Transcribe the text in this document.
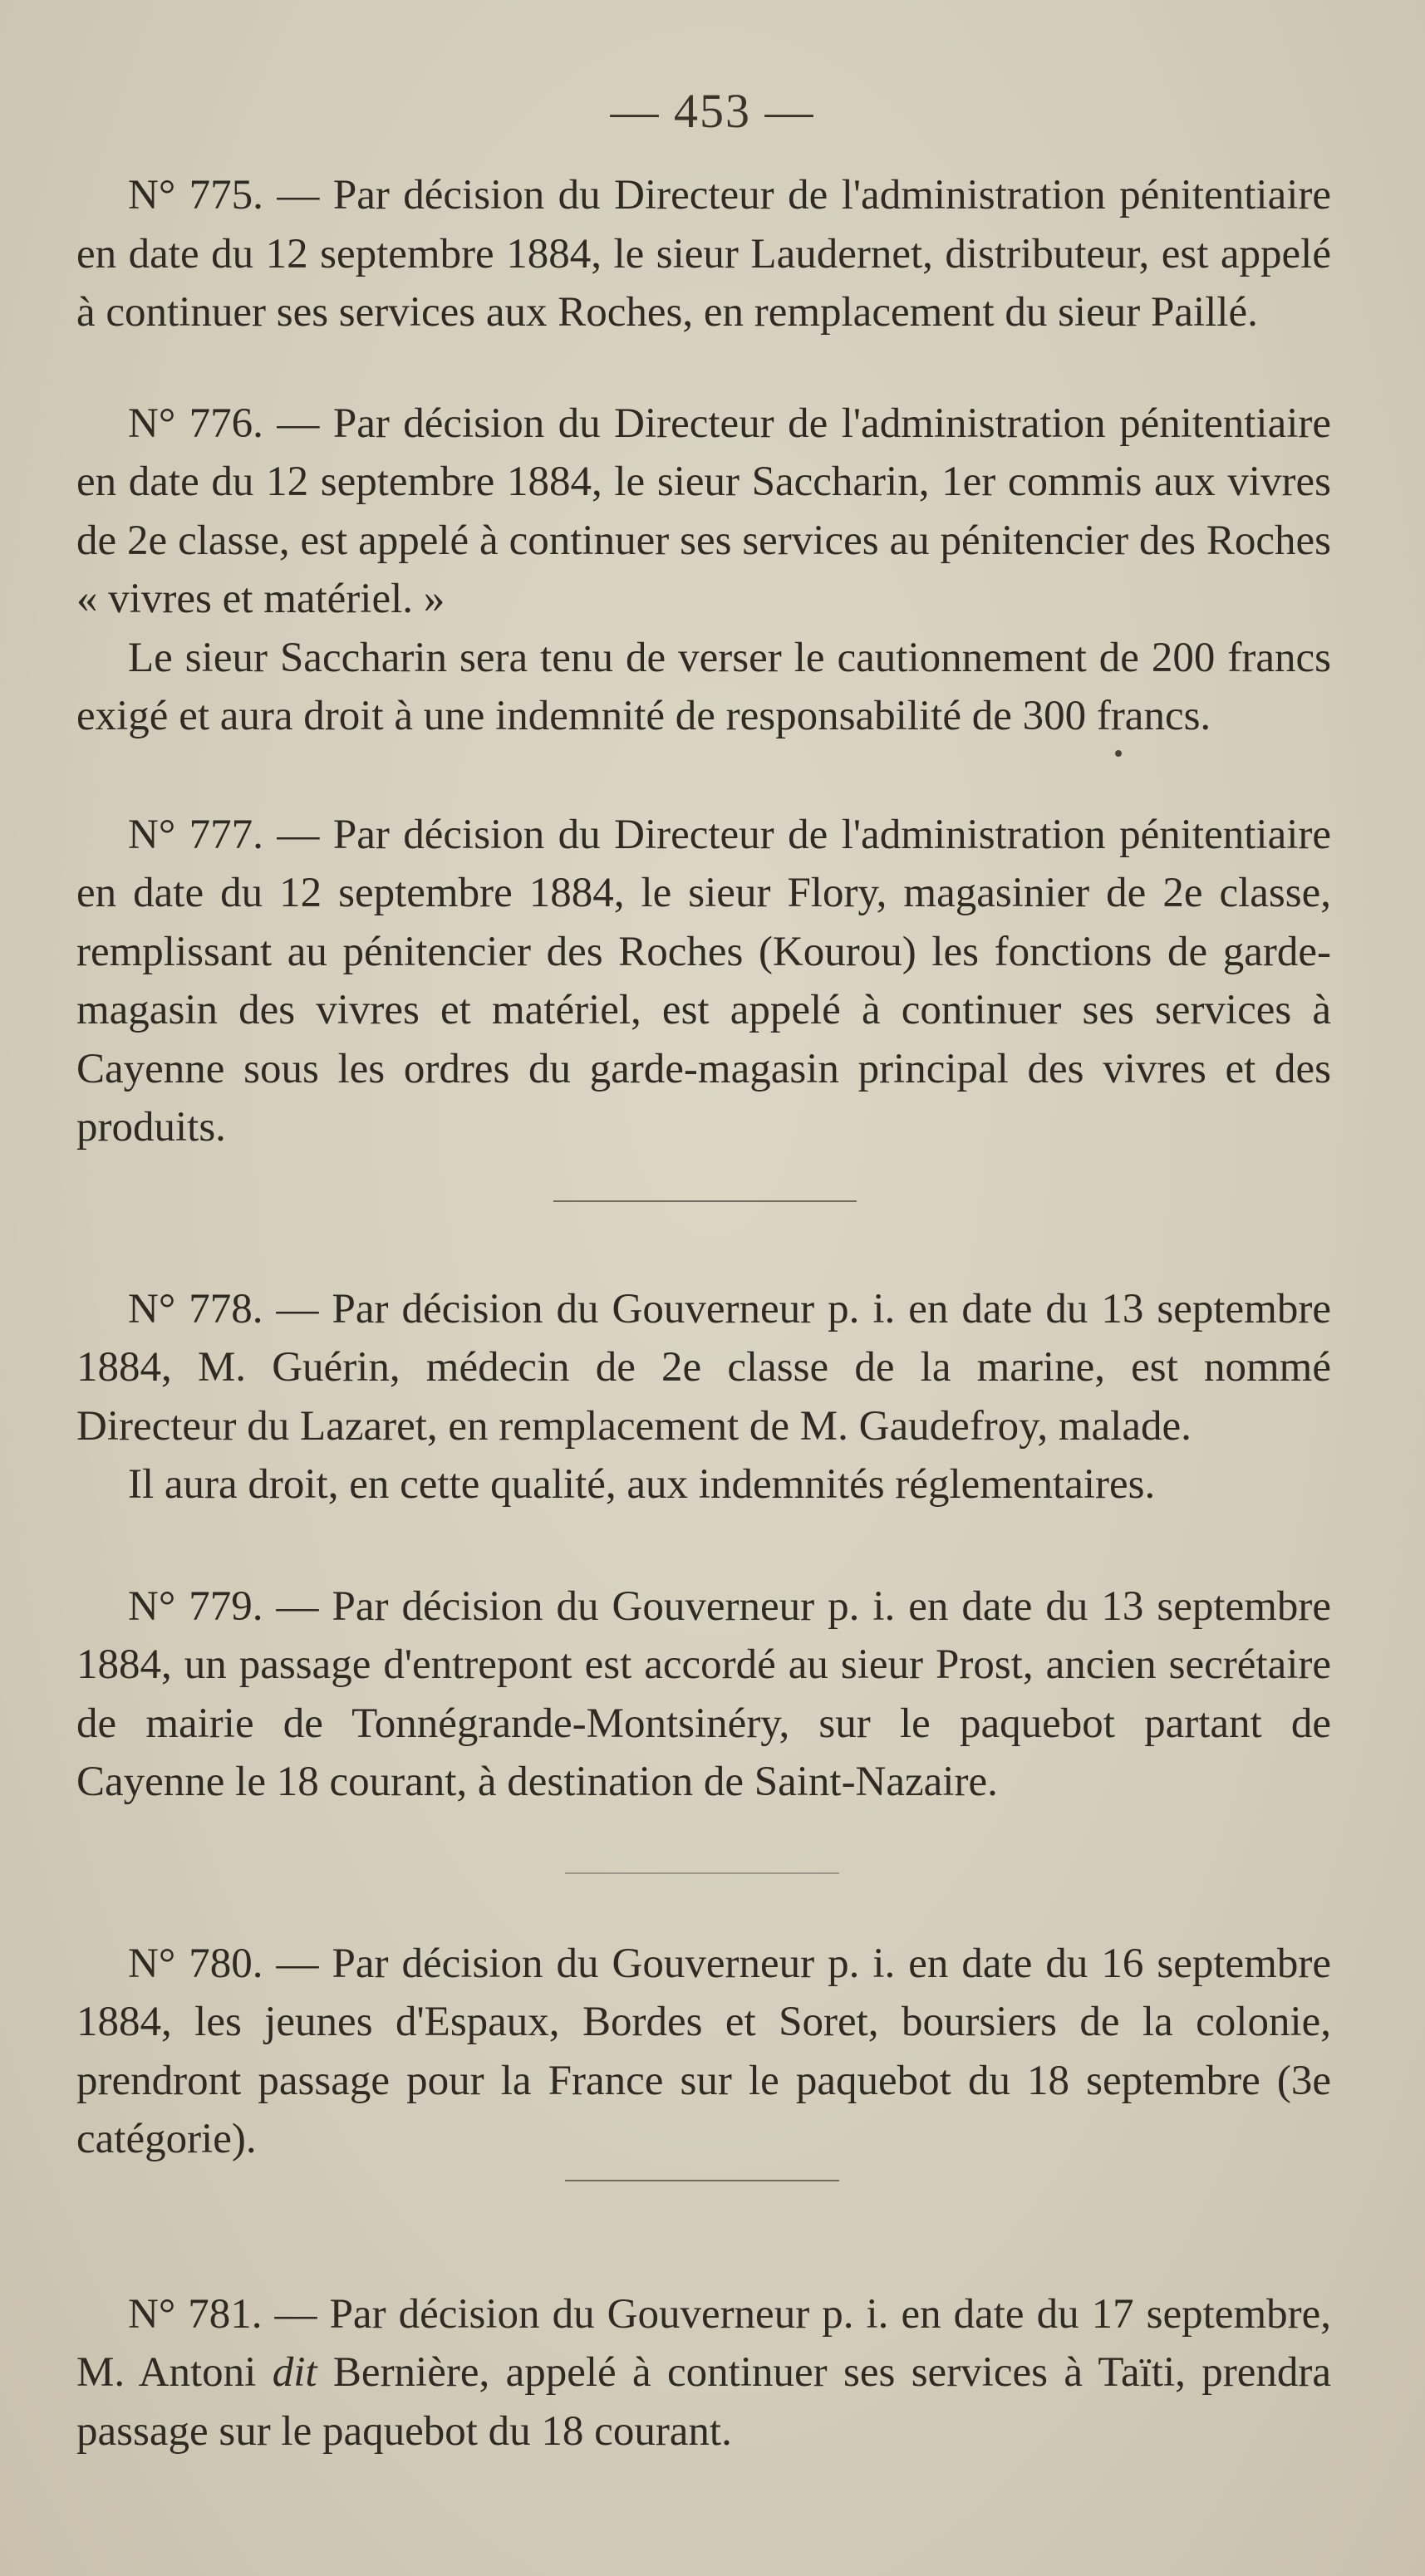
— 453 —

N° 775. — Par décision du Directeur de l'administration pénitentiaire en date du 12 septembre 1884, le sieur Laudernet, distributeur, est appelé à continuer ses services aux Roches, en remplacement du sieur Paillé.

N° 776. — Par décision du Directeur de l'administration pénitentiaire en date du 12 septembre 1884, le sieur Saccharin, 1er commis aux vivres de 2e classe, est appelé à continuer ses services au pénitencier des Roches « vivres et matériel. »

Le sieur Saccharin sera tenu de verser le cautionnement de 200 francs exigé et aura droit à une indemnité de responsabilité de 300 francs.

N° 777. — Par décision du Directeur de l'administration pénitentiaire en date du 12 septembre 1884, le sieur Flory, magasinier de 2e classe, remplissant au pénitencier des Roches (Kourou) les fonctions de garde-magasin des vivres et matériel, est appelé à continuer ses services à Cayenne sous les ordres du garde-magasin principal des vivres et des produits.

N° 778. — Par décision du Gouverneur p. i. en date du 13 septembre 1884, M. Guérin, médecin de 2e classe de la marine, est nommé Directeur du Lazaret, en remplacement de M. Gaudefroy, malade.

Il aura droit, en cette qualité, aux indemnités réglementaires.

N° 779. — Par décision du Gouverneur p. i. en date du 13 septembre 1884, un passage d'entrepont est accordé au sieur Prost, ancien secrétaire de mairie de Tonnégrande-Montsinéry, sur le paquebot partant de Cayenne le 18 courant, à destination de Saint-Nazaire.

N° 780. — Par décision du Gouverneur p. i. en date du 16 septembre 1884, les jeunes d'Espaux, Bordes et Soret, boursiers de la colonie, prendront passage pour la France sur le paquebot du 18 septembre (3e catégorie).

N° 781. — Par décision du Gouverneur p. i. en date du 17 septembre, M. Antoni dit Bernière, appelé à continuer ses services à Taïti, prendra passage sur le paquebot du 18 courant.
